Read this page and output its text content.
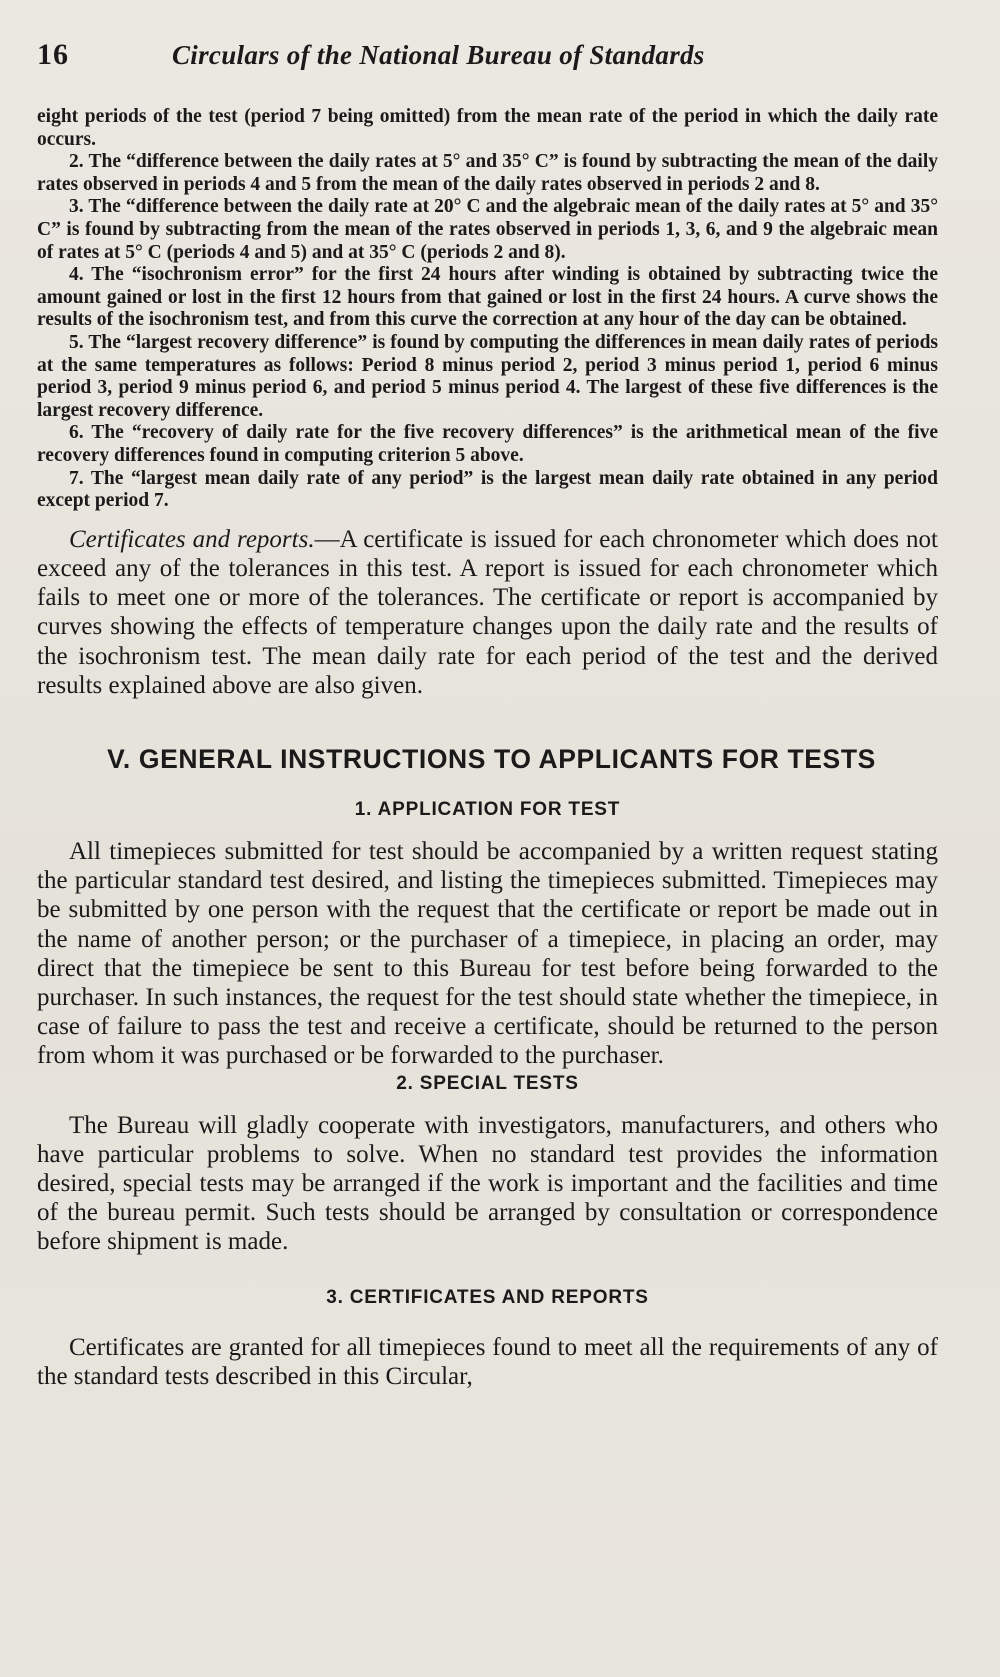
16	Circulars of the National Bureau of Standards

eight periods of the test (period 7 being omitted) from the mean rate of the period in which the daily rate occurs.

2. The “difference between the daily rates at 5° and 35° C” is found by subtracting the mean of the daily rates observed in periods 4 and 5 from the mean of the daily rates observed in periods 2 and 8.

3. The “difference between the daily rate at 20° C and the algebraic mean of the daily rates at 5° and 35° C” is found by subtracting from the mean of the rates observed in periods 1, 3, 6, and 9 the algebraic mean of rates at 5° C (periods 4 and 5) and at 35° C (periods 2 and 8).

4. The “isochronism error” for the first 24 hours after winding is obtained by subtracting twice the amount gained or lost in the first 12 hours from that gained or lost in the first 24 hours. A curve shows the results of the isochronism test, and from this curve the correction at any hour of the day can be obtained.

5. The “largest recovery difference” is found by computing the differences in mean daily rates of periods at the same temperatures as follows: Period 8 minus period 2, period 3 minus period 1, period 6 minus period 3, period 9 minus period 6, and period 5 minus period 4. The largest of these five differences is the largest recovery difference.

6. The “recovery of daily rate for the five recovery differences” is the arithmetical mean of the five recovery differences found in computing criterion 5 above.

7. The “largest mean daily rate of any period” is the largest mean daily rate obtained in any period except period 7.

Certificates and reports.—A certificate is issued for each chronometer which does not exceed any of the tolerances in this test. A report is issued for each chronometer which fails to meet one or more of the tolerances. The certificate or report is accompanied by curves showing the effects of temperature changes upon the daily rate and the results of the isochronism test. The mean daily rate for each period of the test and the derived results explained above are also given.

V. GENERAL INSTRUCTIONS TO APPLICANTS FOR TESTS
1. APPLICATION FOR TEST

All timepieces submitted for test should be accompanied by a written request stating the particular standard test desired, and listing the timepieces submitted. Timepieces may be submitted by one person with the request that the certificate or report be made out in the name of another person; or the purchaser of a timepiece, in placing an order, may direct that the timepiece be sent to this Bureau for test before being forwarded to the purchaser. In such instances, the request for the test should state whether the timepiece, in case of failure to pass the test and receive a certificate, should be returned to the person from whom it was purchased or be forwarded to the purchaser.

2. SPECIAL TESTS

The Bureau will gladly cooperate with investigators, manufacturers, and others who have particular problems to solve. When no standard test provides the information desired, special tests may be arranged if the work is important and the facilities and time of the bureau permit. Such tests should be arranged by consultation or correspondence before shipment is made.

3. CERTIFICATES AND REPORTS

Certificates are granted for all timepieces found to meet all the requirements of any of the standard tests described in this Circular,
